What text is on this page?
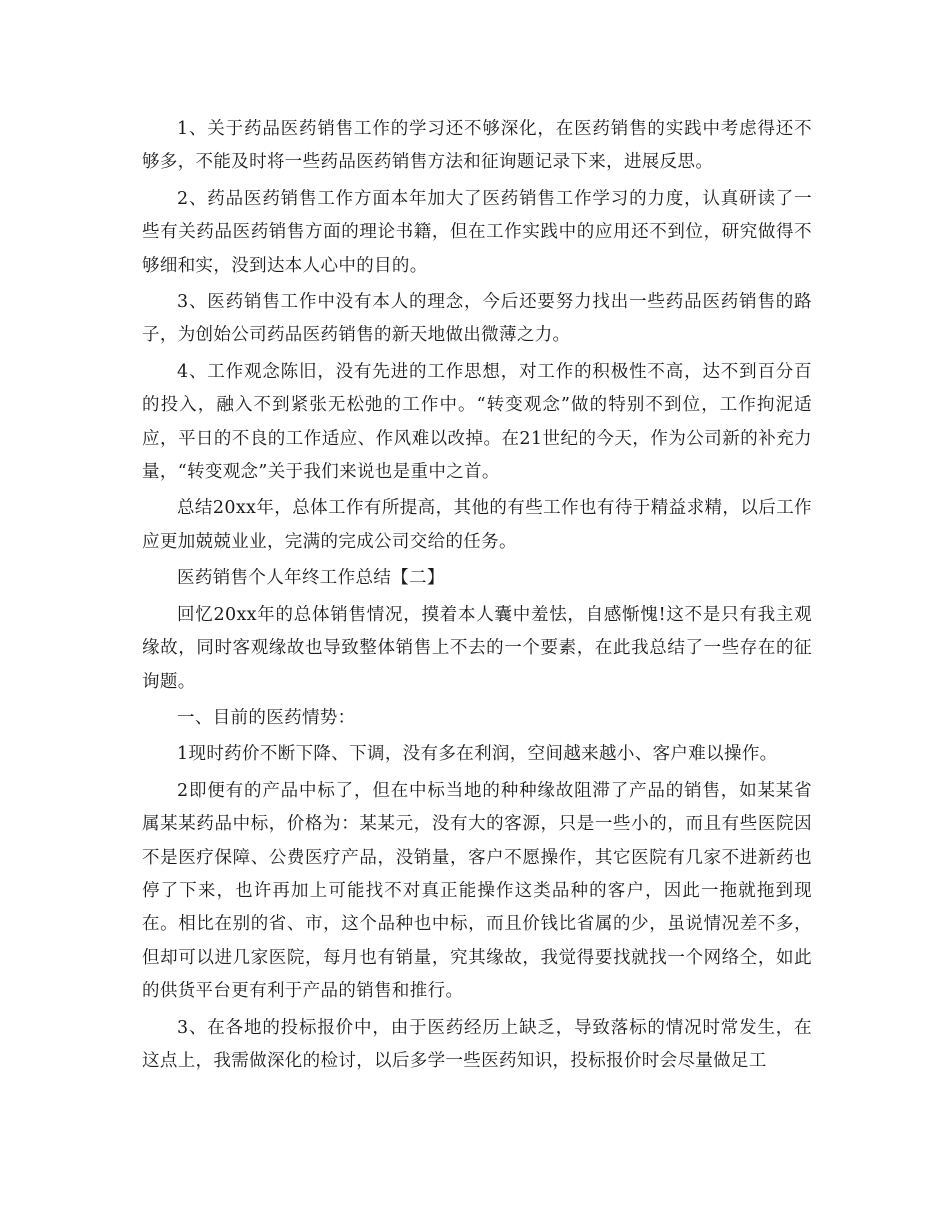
1、关于药品医药销售工作的学习还不够深化，在医药销售的实践中考虑得还不够多，不能及时将一些药品医药销售方法和征询题记录下来，进展反思。

2、药品医药销售工作方面本年加大了医药销售工作学习的力度，认真研读了一些有关药品医药销售方面的理论书籍，但在工作实践中的应用还不到位，研究做得不够细和实，没到达本人心中的目的。

3、医药销售工作中没有本人的理念，今后还要努力找出一些药品医药销售的路子，为创始公司药品医药销售的新天地做出微薄之力。

4、工作观念陈旧，没有先进的工作思想，对工作的积极性不高，达不到百分百的投入，融入不到紧张无松弛的工作中。“转变观念”做的特别不到位，工作拘泥适应，平日的不良的工作适应、作风难以改掉。在21世纪的今天，作为公司新的补充力量，“转变观念”关于我们来说也是重中之首。

总结20xx年，总体工作有所提高，其他的有些工作也有待于精益求精，以后工作应更加兢兢业业，完满的完成公司交给的任务。

医药销售个人年终工作总结【二】

回忆20xx年的总体销售情况，摸着本人囊中羞怯，自感惭愧!这不是只有我主观缘故，同时客观缘故也导致整体销售上不去的一个要素，在此我总结了一些存在的征询题。

一、目前的医药情势：

1现时药价不断下降、下调，没有多在利润，空间越来越小、客户难以操作。

2即便有的产品中标了，但在中标当地的种种缘故阻滞了产品的销售，如某某省属某某药品中标，价格为：某某元，没有大的客源，只是一些小的，而且有些医院因不是医疗保障、公费医疗产品，没销量，客户不愿操作，其它医院有几家不进新药也停了下来，也许再加上可能找不对真正能操作这类品种的客户，因此一拖就拖到现在。相比在别的省、市，这个品种也中标，而且价钱比省属的少，虽说情况差不多，但却可以进几家医院，每月也有销量，究其缘故，我觉得要找就找一个网络仝，如此的供货平台更有利于产品的销售和推行。

3、在各地的投标报价中，由于医药经历上缺乏，导致落标的情况时常发生，在这点上，我需做深化的检讨，以后多学一些医药知识，投标报价时会尽量做足工
